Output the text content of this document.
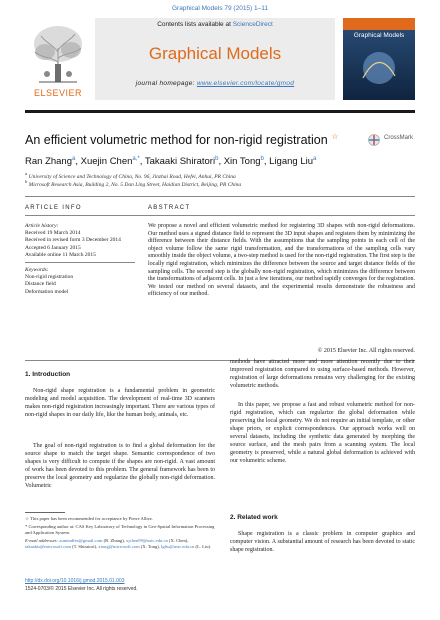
Graphical Models 79 (2015) 1–11
ELSEVIER
Contents lists available at ScienceDirect
Graphical Models
journal homepage: www.elsevier.com/locate/gmod
Graphical Models
An efficient volumetric method for non-rigid registration ☆	$^{CrossMark}$
Ran Zhang$^a$, Xuejin Chen$^{a,*}$, Takaaki Shiratori$^b$, Xin Tong$^b$, Ligang Liu$^a$
$^a$ University of Science and Technology of China, No. 96, Jinzhai Road, Hefei, Anhui, PR China
$^b$ Microsoft Research Asia, Building 2, No. 5 Dan Ling Street, Haidian District, Beijing, PR China
ARTICLE INFO	ABSTRACT
Article history:
Received 19 March 2014
Received in revised form 3 December 2014
Accepted 6 January 2015
Available online 11 March 2015
Keywords:
Non-rigid registration
Distance field
Deformation model
We propose a novel and efficient volumetric method for registering 3D shapes with non-rigid deformations. Our method uses a signed distance field to represent the 3D input shapes and registers them by minimizing the difference between their distance fields. With the assumptions that the sampling points in each cell of the object volume follow the same rigid transformation, and the transformations of the sampling cells vary smoothly inside the object volume, a two-step method is used for the non-rigid registration. The first step is the locally rigid registration, which minimizes the difference between the source and target distance fields of the sampling cells. The second step is the globally non-rigid registration, which minimizes the difference between the transformations of adjacent cells. In just a few iterations, our method rapidly converges for the registration. We tested our method on several datasets, and the experimental results demonstrate the robustness and efficiency of our method.
© 2015 Elsevier Inc. All rights reserved.
1. Introduction
Non-rigid shape registration is a fundamental problem in geometric modeling and model acquisition. The development of real-time 3D scanners makes non-rigid registration increasingly important. There are various types of non-rigid shapes in our daily life, like the human body, animals, etc.
The goal of non-rigid registration is to find a global deformation for the source shape to match the target shape. Semantic correspondence of two shapes is very difficult to compute if the shapes are non-rigid. A vast amount of work has been devoted to this problem. The general framework has been to preserve the local geometry and regularize the globally non-rigid deformation. Volumetric
methods have attracted more and more attention recently due to their improved registration compared to using surface-based methods. However, registration of large deformations remains very challenging for the existing volumetric methods.
In this paper, we propose a fast and robust volumetric method for non-rigid registration, which can regularize the global deformation while preserving the local geometry. We do not require an initial template, or other shape priors, or explicit correspondences. Our approach works well on several datasets, including the synthetic data generated by morphing the source surface, and the mesh pairs from a scanning system. The local geometry is preserved, while a natural global deformation is achieved with our volumetric scheme.
2. Related work
Shape registration is a classic problem in computer graphics and computer vision. A substantial amount of research has been devoted to static shape registration.
☆ This paper has been recommended for acceptance by Pierre Alliez.
* Corresponding author at: CAS Key Laboratory of Technology in Geo-Spatial Information Processing and Application System.
E-mail addresses: zumindfea@gmail.com (R. Zhang), xjchen99@ustc.edu.cn (X. Chen), takaakis@microsoft.com (T. Shiratori), xtong@microsoft.com (X. Tong), lgliu@ustc.edu.cn (L. Liu).
http://dx.doi.org/10.1016/j.gmod.2015.01.003
1524-0703/© 2015 Elsevier Inc. All rights reserved.
